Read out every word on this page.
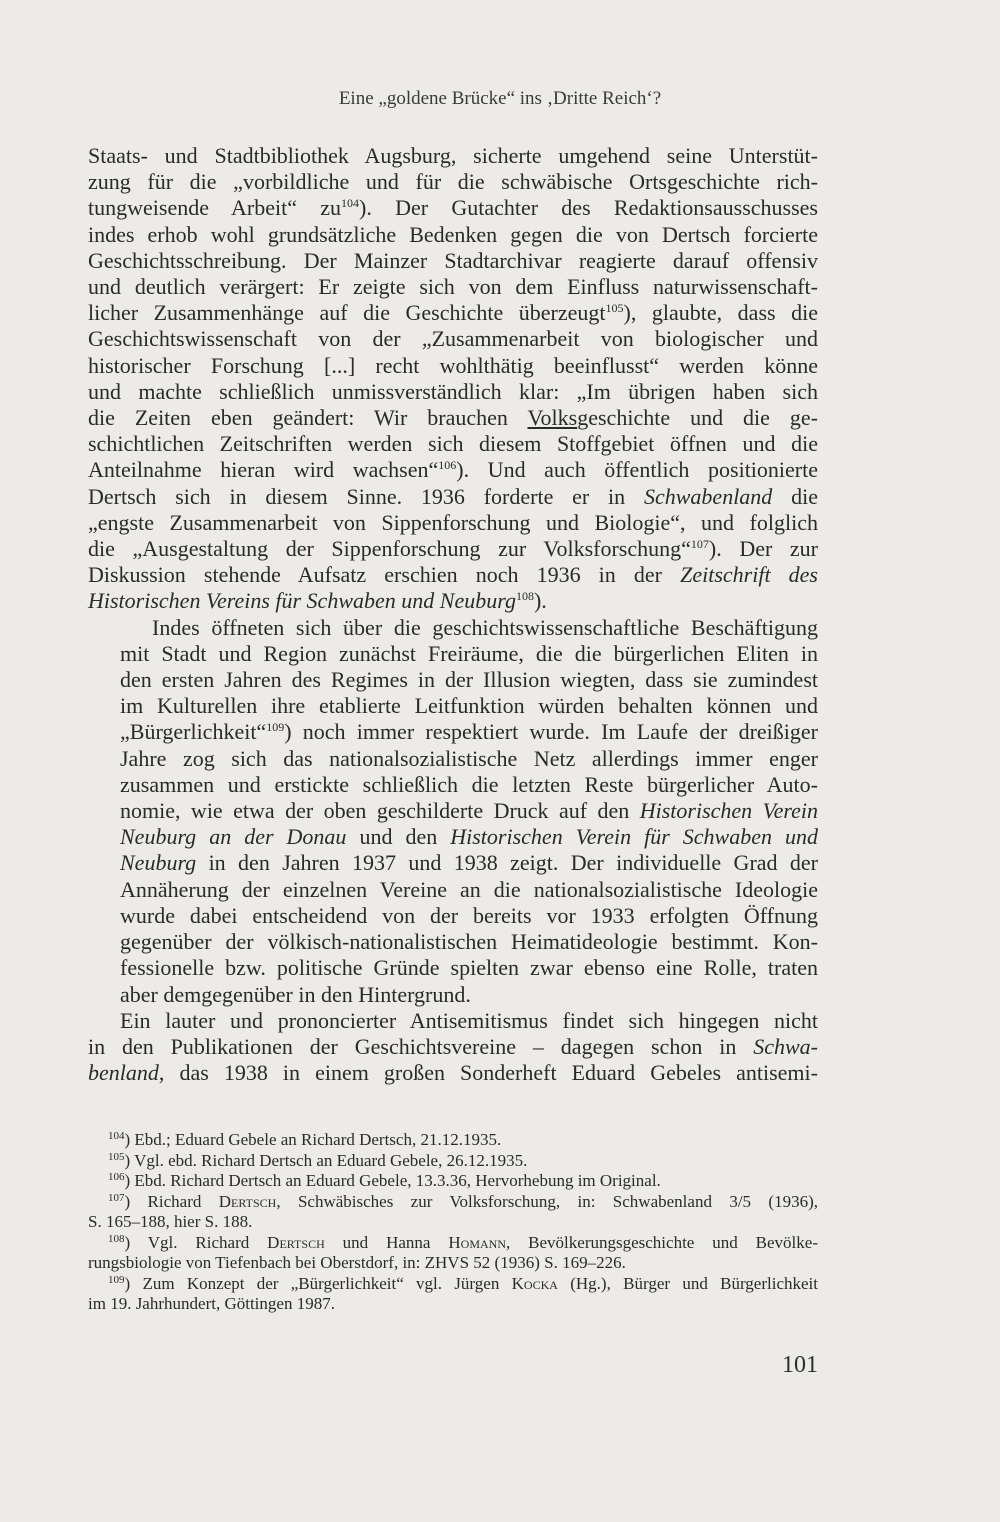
Eine „goldene Brücke“ ins ‚Dritte Reich‘?

Staats- und Stadtbibliothek Augsburg, sicherte umgehend seine Unterstüt-
zung für die „vorbildliche und für die schwäbische Ortsgeschichte rich-
tungweisende Arbeit“ zu$^{104}$). Der Gutachter des Redaktionsausschusses
indes erhob wohl grundsätzliche Bedenken gegen die von Dertsch forcierte
Geschichtsschreibung. Der Mainzer Stadtarchivar reagierte darauf offensiv
und deutlich verärgert: Er zeigte sich von dem Einfluss naturwissenschaft-
licher Zusammenhänge auf die Geschichte überzeugt$^{105}$), glaubte, dass die
Geschichtswissenschaft von der „Zusammenarbeit von biologischer und
historischer Forschung [...] recht wohlthätig beeinflusst“ werden könne
und machte schließlich unmissverständlich klar: „Im übrigen haben sich
die Zeiten eben geändert: Wir brauchen Volksgeschichte und die ge-
schichtlichen Zeitschriften werden sich diesem Stoffgebiet öffnen und die
Anteilnahme hieran wird wachsen“$^{106}$). Und auch öffentlich positionierte
Dertsch sich in diesem Sinne. 1936 forderte er in Schwabenland die
„engste Zusammenarbeit von Sippenforschung und Biologie“, und folglich
die „Ausgestaltung der Sippenforschung zur Volksforschung“$^{107}$). Der zur
Diskussion stehende Aufsatz erschien noch 1936 in der Zeitschrift des
Historischen Vereins für Schwaben und Neuburg$^{108}$).

Indes öffneten sich über die geschichtswissenschaftliche Beschäftigung
mit Stadt und Region zunächst Freiräume, die die bürgerlichen Eliten in
den ersten Jahren des Regimes in der Illusion wiegten, dass sie zumindest
im Kulturellen ihre etablierte Leitfunktion würden behalten können und
„Bürgerlichkeit“$^{109}$) noch immer respektiert wurde. Im Laufe der dreißiger
Jahre zog sich das nationalsozialistische Netz allerdings immer enger
zusammen und erstickte schließlich die letzten Reste bürgerlicher Auto-
nomie, wie etwa der oben geschilderte Druck auf den Historischen Verein
Neuburg an der Donau und den Historischen Verein für Schwaben und
Neuburg in den Jahren 1937 und 1938 zeigt. Der individuelle Grad der
Annäherung der einzelnen Vereine an die nationalsozialistische Ideologie
wurde dabei entscheidend von der bereits vor 1933 erfolgten Öffnung
gegenüber der völkisch-nationalistischen Heimatideologie bestimmt. Kon-
fessionelle bzw. politische Gründe spielten zwar ebenso eine Rolle, traten
aber demgegenüber in den Hintergrund.

Ein lauter und prononcierter Antisemitismus findet sich hingegen nicht
in den Publikationen der Geschichtsvereine – dagegen schon in Schwa-
benland, das 1938 in einem großen Sonderheft Eduard Gebeles antisemi-

$^{104}$) Ebd.; Eduard Gebele an Richard Dertsch, 21.12.1935.
$^{105}$) Vgl. ebd. Richard Dertsch an Eduard Gebele, 26.12.1935.
$^{106}$) Ebd. Richard Dertsch an Eduard Gebele, 13.3.36, Hervorhebung im Original.
$^{107}$) Richard Dertsch, Schwäbisches zur Volksforschung, in: Schwabenland 3/5 (1936),
S. 165–188, hier S. 188.
$^{108}$) Vgl. Richard Dertsch und Hanna Homann, Bevölkerungsgeschichte und Bevölke-
rungsbiologie von Tiefenbach bei Oberstdorf, in: ZHVS 52 (1936) S. 169–226.
$^{109}$) Zum Konzept der „Bürgerlichkeit“ vgl. Jürgen Kocka (Hg.), Bürger und Bürgerlichkeit
im 19. Jahrhundert, Göttingen 1987.
101
